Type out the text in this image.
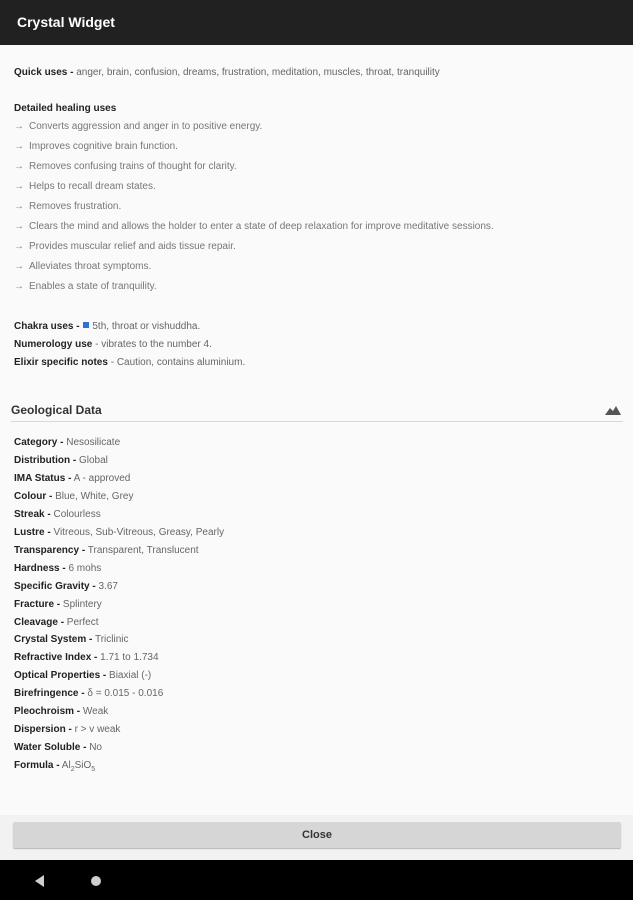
Crystal Widget
Quick uses - anger, brain, confusion, dreams, frustration, meditation, muscles, throat, tranquility
Detailed healing uses
→ Converts aggression and anger in to positive energy.
→ Improves cognitive brain function.
→ Removes confusing trains of thought for clarity.
→ Helps to recall dream states.
→ Removes frustration.
→ Clears the mind and allows the holder to enter a state of deep relaxation for improve meditative sessions.
→ Provides muscular relief and aids tissue repair.
→ Alleviates throat symptoms.
→ Enables a state of tranquility.
Chakra uses - 5th, throat or vishuddha.
Numerology use - vibrates to the number 4.
Elixir specific notes - Caution, contains aluminium.
Category - Nesosilicate
Distribution - Global
IMA Status - A - approved
Colour - Blue, White, Grey
Streak - Colourless
Lustre - Vitreous, Sub-Vitreous, Greasy, Pearly
Transparency - Transparent, Translucent
Hardness - 6 mohs
Specific Gravity - 3.67
Fracture - Splintery
Cleavage - Perfect
Crystal System - Triclinic
Refractive Index - 1.71 to 1.734
Optical Properties - Biaxial (-)
Birefringence - δ = 0.015 - 0.016
Pleochroism - Weak
Dispersion - r > v weak
Water Soluble - No
Formula - $Al_2SiO_5$
Geological Data
Close
